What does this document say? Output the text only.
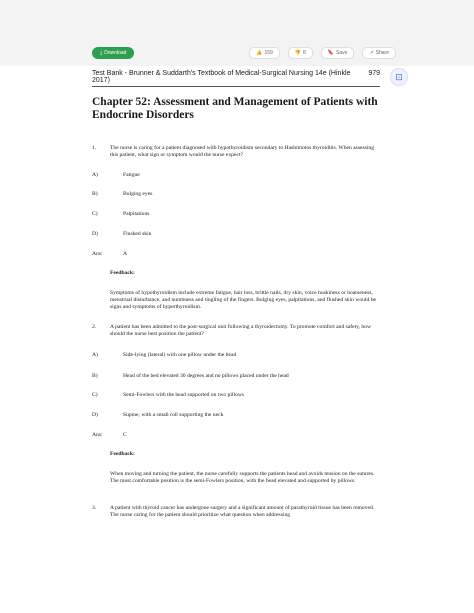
⤓ Download	👍 159	👎 8	🔖 Save	↗ Share
Test Bank - Brunner & Suddarth's Textbook of Medical-Surgical Nursing 14e (Hinkle 2017)
979 ⊡
Chapter 52: Assessment and Management of Patients with Endocrine Disorders
1. The nurse is caring for a patient diagnosed with hypothyroidism secondary to Hashimotos thyroiditis. When assessing this patient, what sign or symptom would the nurse expect?

A)	Fatigue
B)	Bulging eyes
C)	Palpitations
D)	Flushed skin
Ans:	A

Feedback:

Symptoms of hypothyroidism include extreme fatigue, hair loss, brittle nails, dry skin, voice huskiness or hoarseness, menstrual disturbance, and numbness and tingling of the fingers. Bulging eyes, palpitations, and flushed skin would be signs and symptoms of hyperthyroidism.

2. A patient has been admitted to the post-surgical unit following a thyroidectomy. To promote comfort and safety, how should the nurse best position the patient?

A)	Side-lying (lateral) with one pillow under the head
B)	Head of the bed elevated 30 degrees and no pillows placed under the head
C)	Semi-Fowlers with the head supported on two pillows
D)	Supine, with a small roll supporting the neck
Ans:	C

Feedback:

When moving and turning the patient, the nurse carefully supports the patients head and avoids tension on the sutures. The most comfortable position is the semi-Fowlers position, with the head elevated and supported by pillows.

3. A patient with thyroid cancer has undergone surgery and a significant amount of parathyroid tissue has been removed. The nurse caring for the patient should prioritize what question when addressing
